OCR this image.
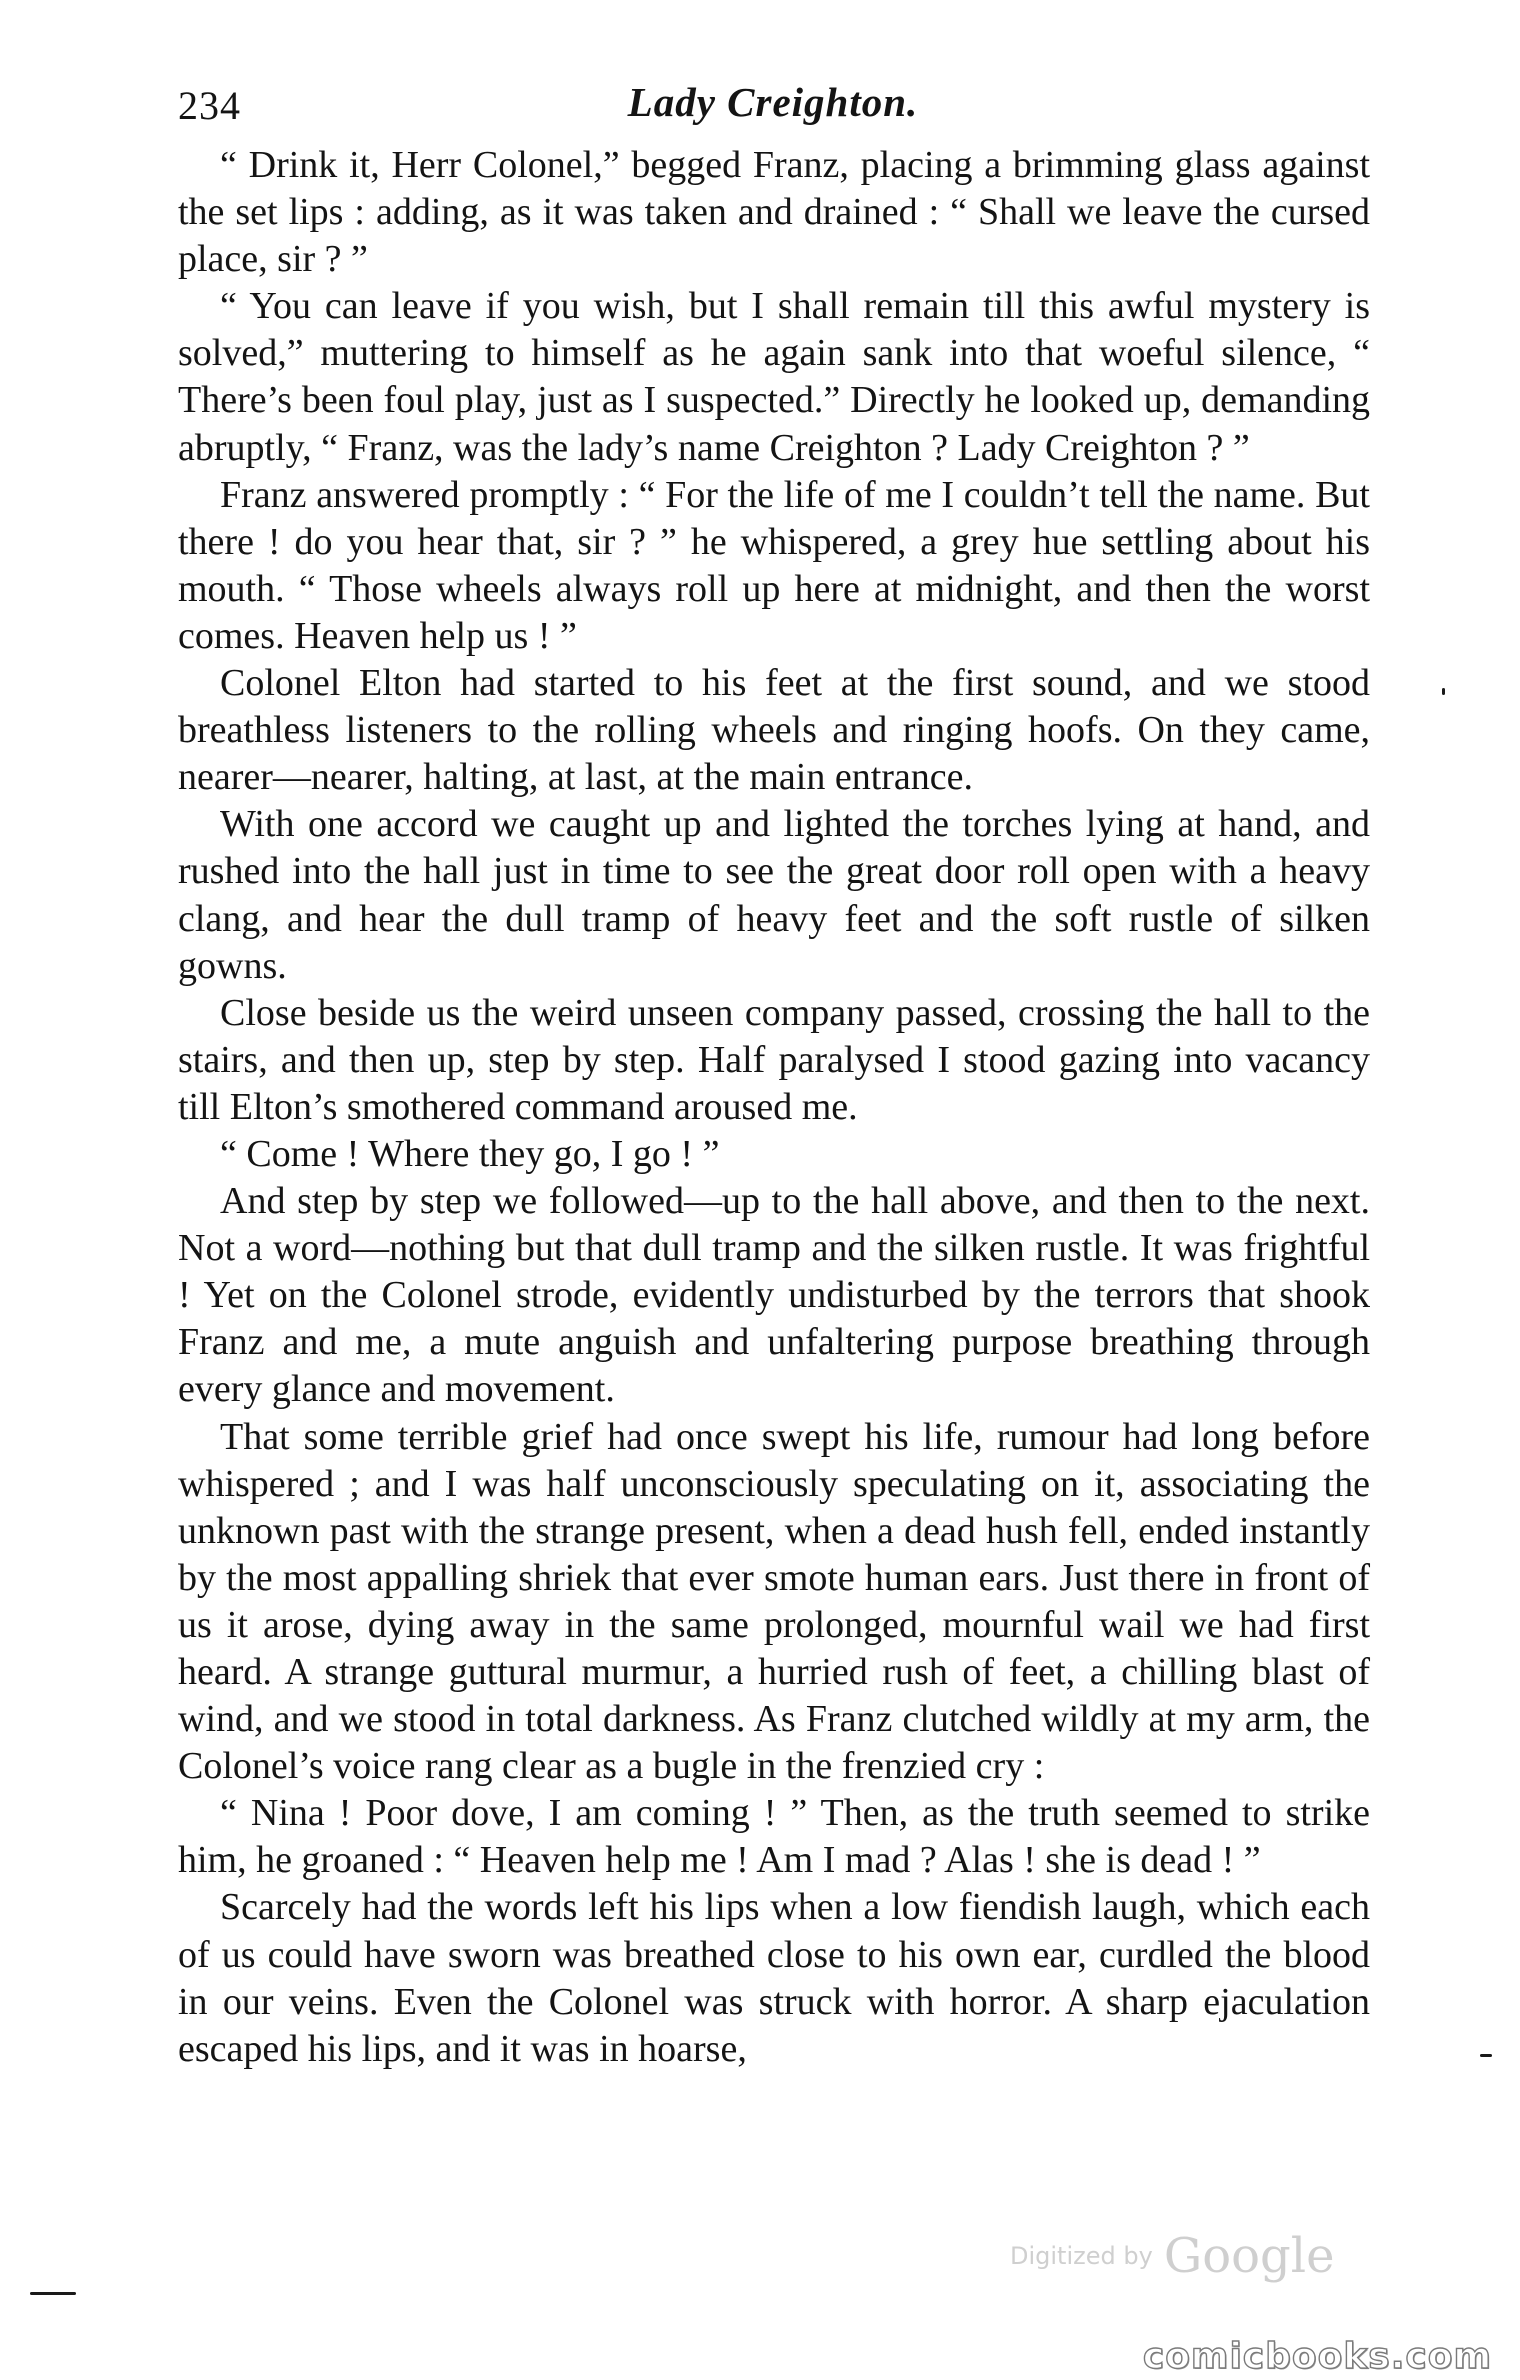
234	Lady Creighton.

“ Drink it, Herr Colonel,” begged Franz, placing a brimming glass against the set lips : adding, as it was taken and drained : “ Shall we leave the cursed place, sir ? ”

“ You can leave if you wish, but I shall remain till this awful mystery is solved,” muttering to himself as he again sank into that woeful silence, “ There’s been foul play, just as I suspected.” Directly he looked up, demanding abruptly, “ Franz, was the lady’s name Creighton ? Lady Creighton ? ”

Franz answered promptly : “ For the life of me I couldn’t tell the name. But there ! do you hear that, sir ? ” he whispered, a grey hue settling about his mouth. “ Those wheels always roll up here at midnight, and then the worst comes. Heaven help us ! ”

Colonel Elton had started to his feet at the first sound, and we stood breathless listeners to the rolling wheels and ringing hoofs. On they came, nearer—nearer, halting, at last, at the main entrance.

With one accord we caught up and lighted the torches lying at hand, and rushed into the hall just in time to see the great door roll open with a heavy clang, and hear the dull tramp of heavy feet and the soft rustle of silken gowns.

Close beside us the weird unseen company passed, crossing the hall to the stairs, and then up, step by step. Half paralysed I stood gazing into vacancy till Elton’s smothered command aroused me.

“ Come ! Where they go, I go ! ”

And step by step we followed—up to the hall above, and then to the next. Not a word—nothing but that dull tramp and the silken rustle. It was frightful ! Yet on the Colonel strode, evidently undisturbed by the terrors that shook Franz and me, a mute anguish and unfaltering purpose breathing through every glance and movement.

That some terrible grief had once swept his life, rumour had long before whispered ; and I was half unconsciously speculating on it, associating the unknown past with the strange present, when a dead hush fell, ended instantly by the most appalling shriek that ever smote human ears. Just there in front of us it arose, dying away in the same prolonged, mournful wail we had first heard. A strange guttural murmur, a hurried rush of feet, a chilling blast of wind, and we stood in total darkness. As Franz clutched wildly at my arm, the Colonel’s voice rang clear as a bugle in the frenzied cry :

“ Nina ! Poor dove, I am coming ! ” Then, as the truth seemed to strike him, he groaned : “ Heaven help me ! Am I mad ? Alas ! she is dead ! ”

Scarcely had the words left his lips when a low fiendish laugh, which each of us could have sworn was breathed close to his own ear, curdled the blood in our veins. Even the Colonel was struck with horror. A sharp ejaculation escaped his lips, and it was in hoarse,

Digitized by Google
comicbooks.com
